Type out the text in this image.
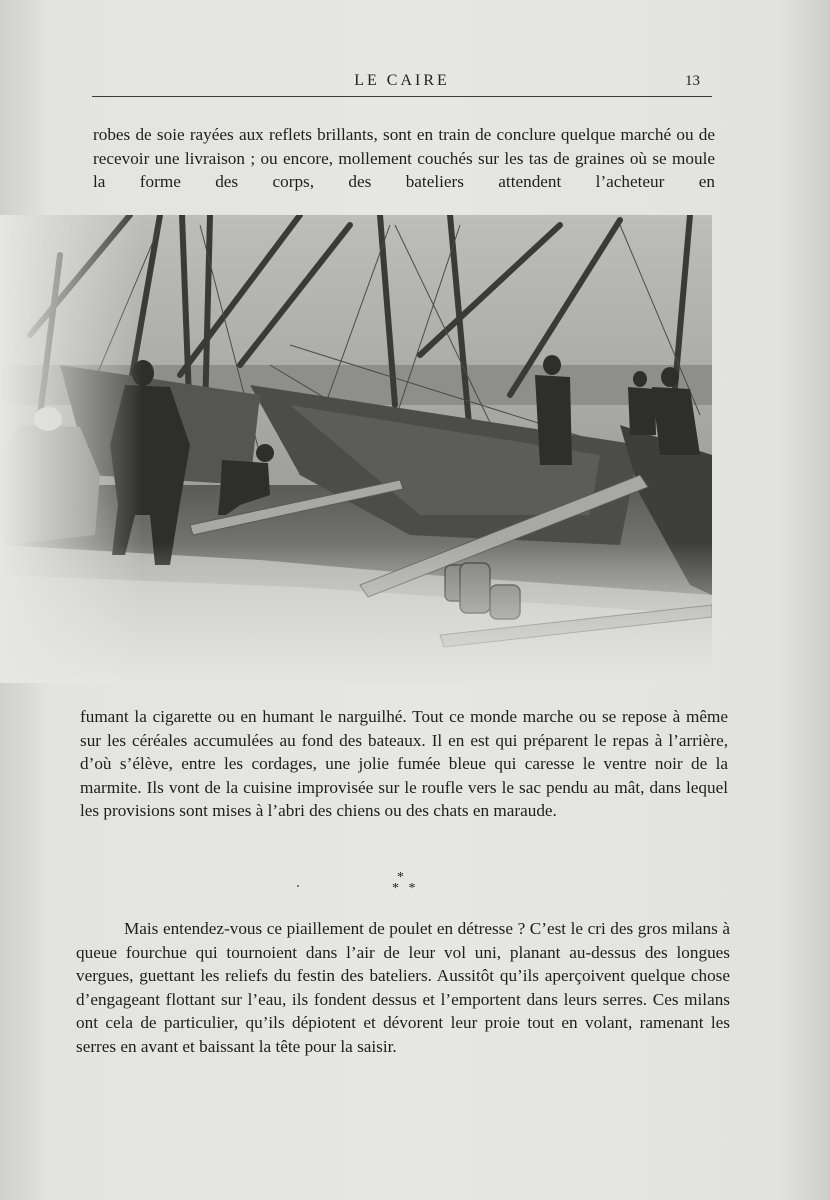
LE CAIRE	13

robes de soie rayées aux reflets brillants, sont en train de conclure quelque marché ou de recevoir une livraison ; ou encore, mollement couchés sur les tas de graines où se moule la forme des corps, des bateliers attendent l’acheteur en

fumant la cigarette ou en humant le narguilhé. Tout ce monde marche ou se repose à même sur les céréales accumulées au fond des bateaux. Il en est qui préparent le repas à l’arrière, d’où s’élève, entre les cordages, une jolie fumée bleue qui caresse le ventre noir de la marmite. Ils vont de la cuisine improvisée sur le roufle vers le sac pendu au mât, dans lequel les provisions sont mises à l’abri des chiens ou des chats en maraude.

*
* *

Mais entendez-vous ce piaillement de poulet en détresse ? C’est le cri des gros milans à queue fourchue qui tournoient dans l’air de leur vol uni, planant au-dessus des longues vergues, guettant les reliefs du festin des bateliers. Aussitôt qu’ils aperçoivent quelque chose d’engageant flottant sur l’eau, ils fondent dessus et l’emportent dans leurs serres. Ces milans ont cela de particulier, qu’ils dépiotent et dévorent leur proie tout en volant, ramenant les serres en avant et baissant la tête pour la saisir.
